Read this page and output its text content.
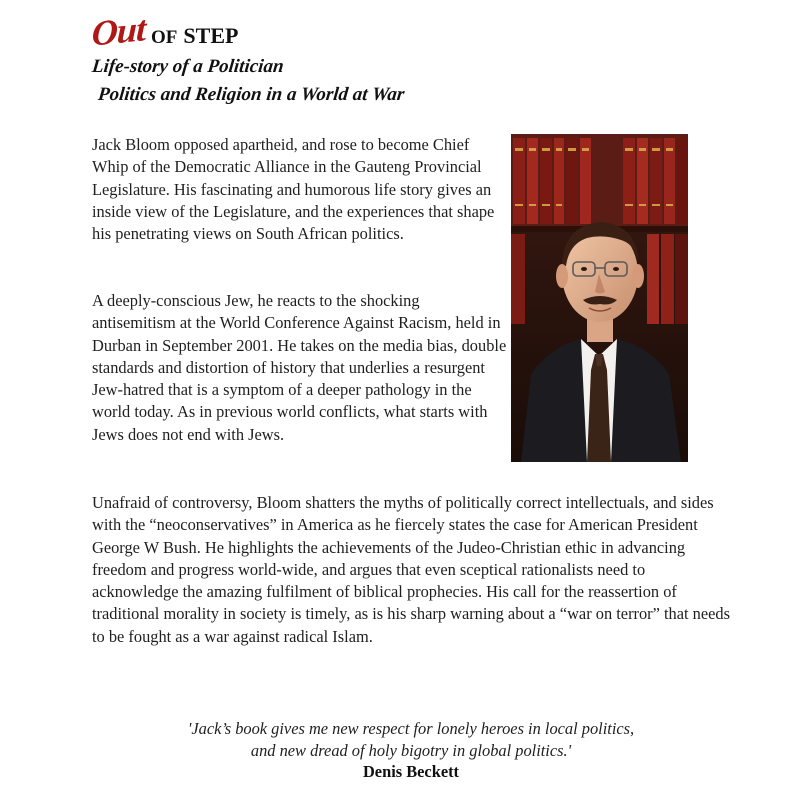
Out OF STEP
Life-story of a Politician
Politics and Religion in a World at War

Jack Bloom opposed apartheid, and rose to become Chief Whip of the Democratic Alliance in the Gauteng Provincial Legislature. His fascinating and humorous life story gives an inside view of the Legislature, and the experiences that shape his penetrating views on South African politics.

A deeply-conscious Jew, he reacts to the shocking antisemitism at the World Conference Against Racism, held in Durban in September 2001. He takes on the media bias, double standards and distortion of history that underlies a resurgent Jew-hatred that is a symptom of a deeper pathology in the world today. As in previous world conflicts, what starts with Jews does not end with Jews.

Unafraid of controversy, Bloom shatters the myths of politically correct intellectuals, and sides with the “neoconservatives” in America as he fiercely states the case for American President George W Bush. He highlights the achievements of the Judeo-Christian ethic in advancing freedom and progress world-wide, and argues that even sceptical rationalists need to acknowledge the amazing fulfilment of biblical prophecies. His call for the reassertion of traditional morality in society is timely, as is his sharp warning about a “war on terror” that needs to be fought as a war against radical Islam.

'Jack’s book gives me new respect for lonely heroes in local politics,
and new dread of holy bigotry in global politics.'
Denis Beckett
